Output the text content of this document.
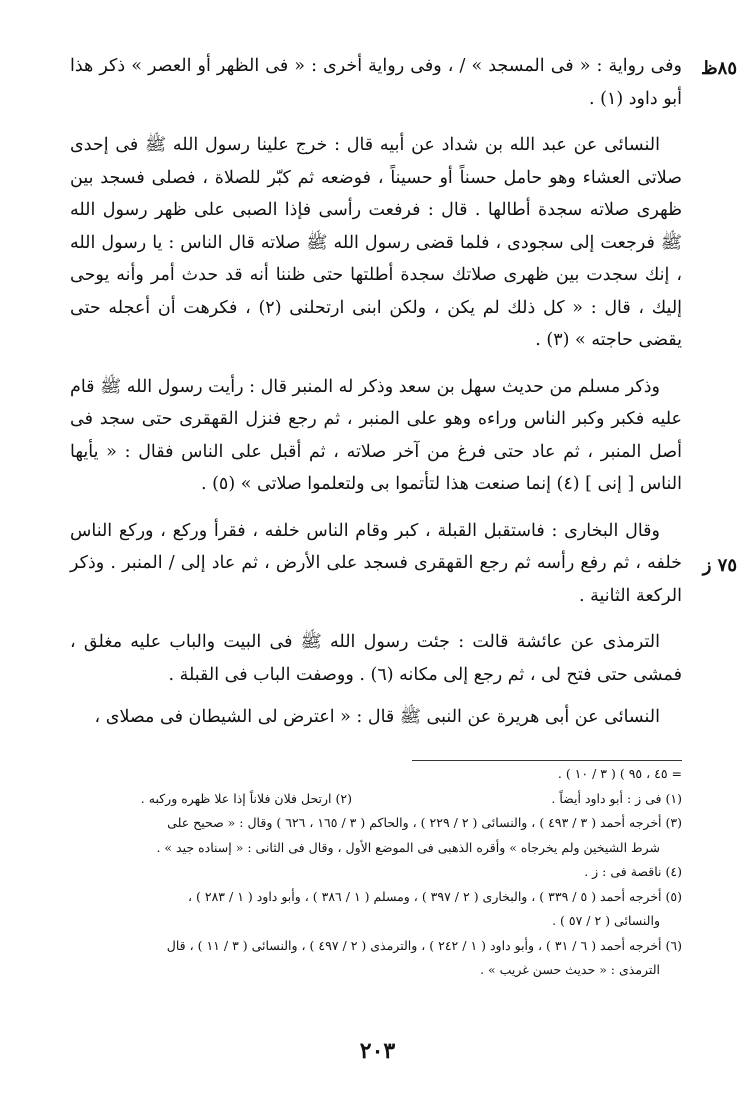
٨٥ظ
٧٥ ز

وفى رواية : « فى المسجد » / ، وفى رواية أخرى : « فى الظهر أو العصر » ذكر هذا أبو داود (١) .

النسائى عن عبد الله بن شداد عن أبيه قال : خرج علينا رسول الله ﷺ فى إحدى صلاتى العشاء وهو حامل حسناً أو حسيناً ، فوضعه ثم كبّر للصلاة ، فصلى فسجد بين ظهرى صلاته سجدة أطالها . قال : فرفعت رأسى فإذا الصبى على ظهر رسول الله ﷺ فرجعت إلى سجودى ، فلما قضى رسول الله ﷺ صلاته قال الناس : يا رسول الله ، إنك سجدت بين ظهرى صلاتك سجدة أطلتها حتى ظننا أنه قد حدث أمر وأنه يوحى إليك ، قال : « كل ذلك لم يكن ، ولكن ابنى ارتحلنى (٢) ، فكرهت أن أعجله حتى يقضى حاجته » (٣) .

وذكر مسلم من حديث سهل بن سعد وذكر له المنبر قال : رأيت رسول الله ﷺ قام عليه فكبر وكبر الناس وراءه وهو على المنبر ، ثم رجع فنزل القهقرى حتى سجد فى أصل المنبر ، ثم عاد حتى فرغ من آخر صلاته ، ثم أقبل على الناس فقال : « يأيها الناس [ إنى ] (٤) إنما صنعت هذا لتأتموا بى ولتعلموا صلاتى » (٥) .

وقال البخارى : فاستقبل القبلة ، كبر وقام الناس خلفه ، فقرأ وركع ، وركع الناس خلفه ، ثم رفع رأسه ثم رجع القهقرى فسجد على الأرض ، ثم عاد إلى / المنبر . وذكر الركعة الثانية .

الترمذى عن عائشة قالت : جئت رسول الله ﷺ فى البيت والباب عليه مغلق ، فمشى حتى فتح لى ، ثم رجع إلى مكانه (٦) . ووصفت الباب فى القبلة .

النسائى عن أبى هريرة عن النبى ﷺ قال : « اعترض لى الشيطان فى مصلاى ،

= ٤٥ ، ٩٥ ) ( ٣ / ١٠ ) .
(١) فى ز : أبو داود أيضاً .
(٢) ارتحل فلان فلاناً إذا علا ظهره وركبه .
(٣) أخرجه أحمد ( ٣ / ٤٩٣ ) ، والنسائى ( ٢ / ٢٢٩ ) ، والحاكم ( ٣ / ١٦٥ ، ٦٢٦ ) وقال : « صحيح على
شرط الشيخين ولم يخرجاه » وأقره الذهبى فى الموضع الأول ، وقال فى الثانى : « إسناده جيد » .
(٤) ناقصة فى : ز .
(٥) أخرجه أحمد ( ٥ / ٣٣٩ ) ، والبخارى ( ٢ / ٣٩٧ ) ، ومسلم ( ١ / ٣٨٦ ) ، وأبو داود ( ١ / ٢٨٣ ) ،
والنسائى ( ٢ / ٥٧ ) .
(٦) أخرجه أحمد ( ٦ / ٣١ ) ، وأبو داود ( ١ / ٢٤٢ ) ، والترمذى ( ٢ / ٤٩٧ ) ، والنسائى ( ٣ / ١١ ) ، قال
الترمذى : « حديث حسن غريب » .
٢٠٣
